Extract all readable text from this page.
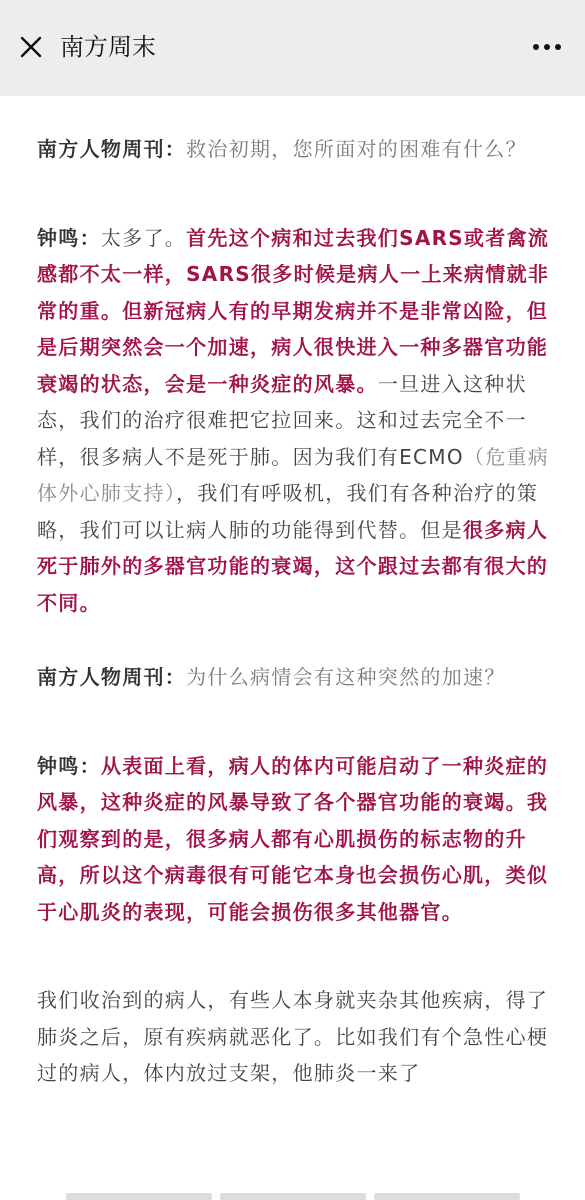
南方周末

南方人物周刊：救治初期，您所面对的困难有什么？

钟鸣：太多了。首先这个病和过去我们SARS或者禽流感都不太一样，SARS很多时候是病人一上来病情就非常的重。但新冠病人有的早期发病并不是非常凶险，但是后期突然会一个加速，病人很快进入一种多器官功能衰竭的状态，会是一种炎症的风暴。一旦进入这种状态，我们的治疗很难把它拉回来。这和过去完全不一样，很多病人不是死于肺。因为我们有ECMO（危重病体外心肺支持），我们有呼吸机，我们有各种治疗的策略，我们可以让病人肺的功能得到代替。但是很多病人死于肺外的多器官功能的衰竭，这个跟过去都有很大的不同。

南方人物周刊：为什么病情会有这种突然的加速？

钟鸣：从表面上看，病人的体内可能启动了一种炎症的风暴，这种炎症的风暴导致了各个器官功能的衰竭。我们观察到的是，很多病人都有心肌损伤的标志物的升高，所以这个病毒很有可能它本身也会损伤心肌，类似于心肌炎的表现，可能会损伤很多其他器官。

我们收治到的病人，有些人本身就夹杂其他疾病，得了肺炎之后，原有疾病就恶化了。比如我们有个急性心梗过的病人，体内放过支架，他肺炎一来了
